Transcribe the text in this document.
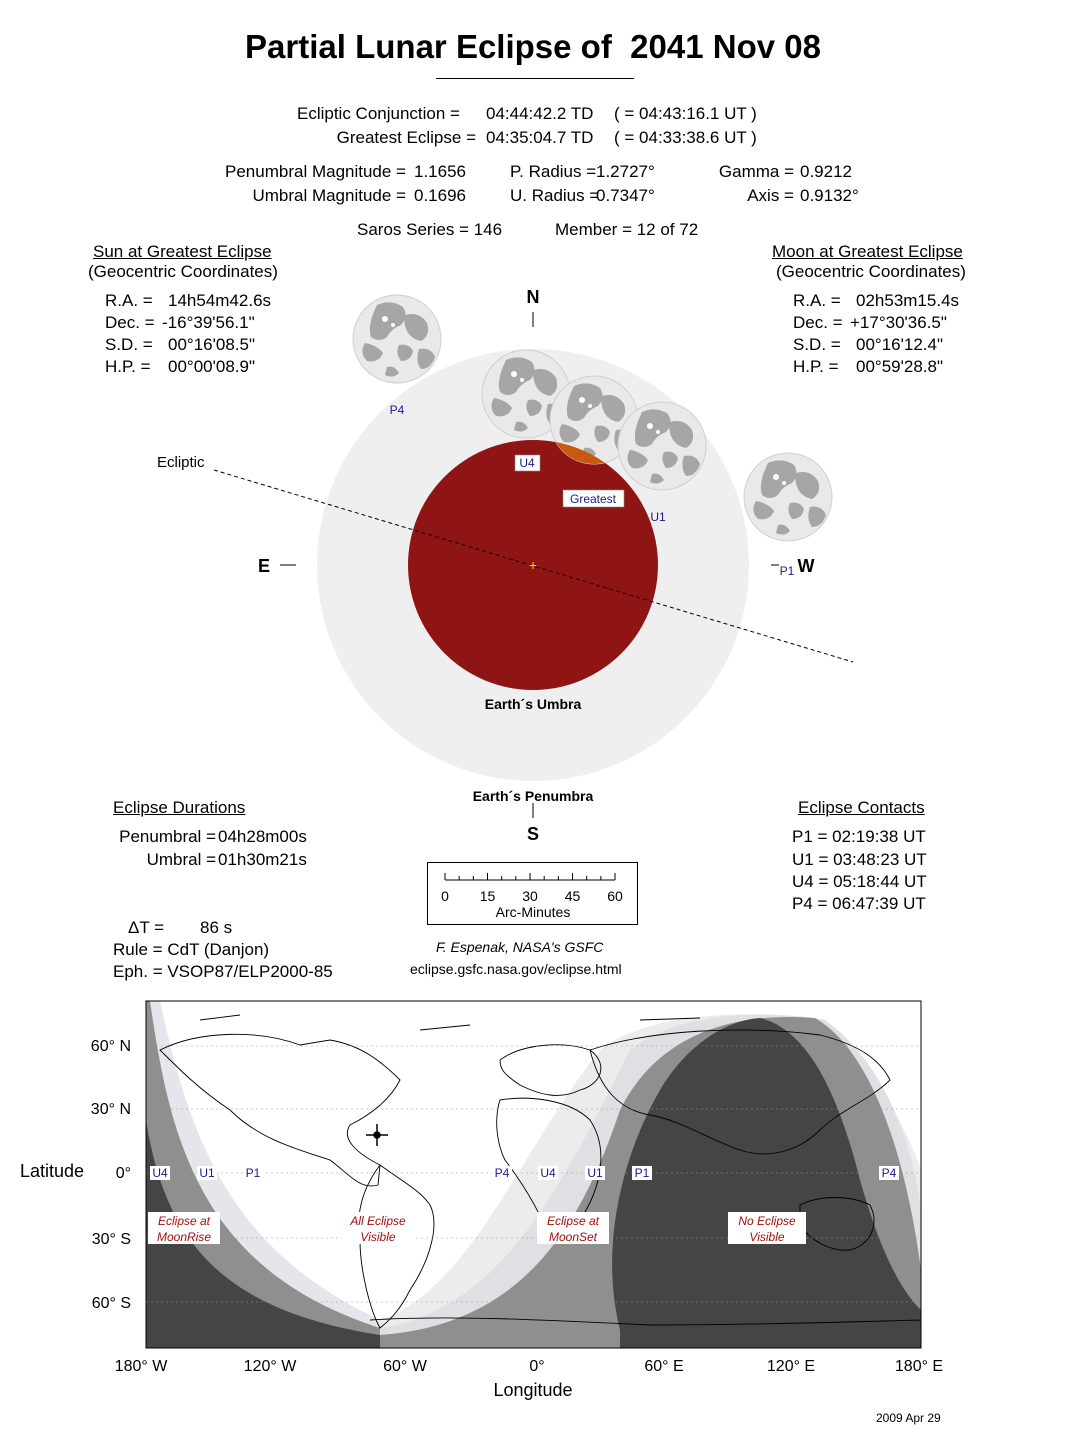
Partial Lunar Eclipse of  2041 Nov 08
Ecliptic Conjunction = 04:44:42.2 TD ( = 04:43:16.1 UT )
Greatest Eclipse = 04:35:04.7 TD ( = 04:33:38.6 UT )
Penumbral Magnitude = 1.1656
Umbral Magnitude = 0.1696
P. Radius = 1.2727°
U. Radius =
0.7347°
Gamma = 0.9212
Axis = 0.9132°
Saros Series = 146	Member = 12 of 72
Sun at Greatest Eclipse
(Geocentric Coordinates)
R.A. = 14h54m42.6s
Dec. = -16°39'56.1"
S.D. = 00°16'08.5"
H.P. = 00°00'08.9"
Moon at Greatest Eclipse
(Geocentric Coordinates)
R.A. = 02h53m15.4s
Dec. = +17°30'36.5"
S.D. = 00°16'12.4"
H.P. = 00°59'28.8"
Ecliptic
+
N
E	W
S
Earth´s Umbra
Earth´s Penumbra
P4
U4
Greatest
U1
P1
Eclipse Durations
Penumbral = 04h28m00s
Umbral = 01h30m21s
Eclipse Contacts
P1 = 02:19:38 UT
U1 = 03:48:23 UT
U4 = 05:18:44 UT
P4 = 06:47:39 UT
0 15 30 45 60
Arc-Minutes
ΔT = 86 s
Rule = CdT (Danjon)
Eph. = VSOP87/ELP2000-85
F. Espenak, NASA's GSFC
eclipse.gsfc.nasa.gov/eclipse.html
U4	U1	P1	P4	U4	U1	P1	P4
Eclipse at
MoonRise
All Eclipse
Visible
Eclipse at
MoonSet
No Eclipse
Visible
60° N
30° N
0°
30° S
60° S
Latitude
180° W	120° W	60° W	0°	60° E	120° E	180° E
Longitude
2009 Apr 29
